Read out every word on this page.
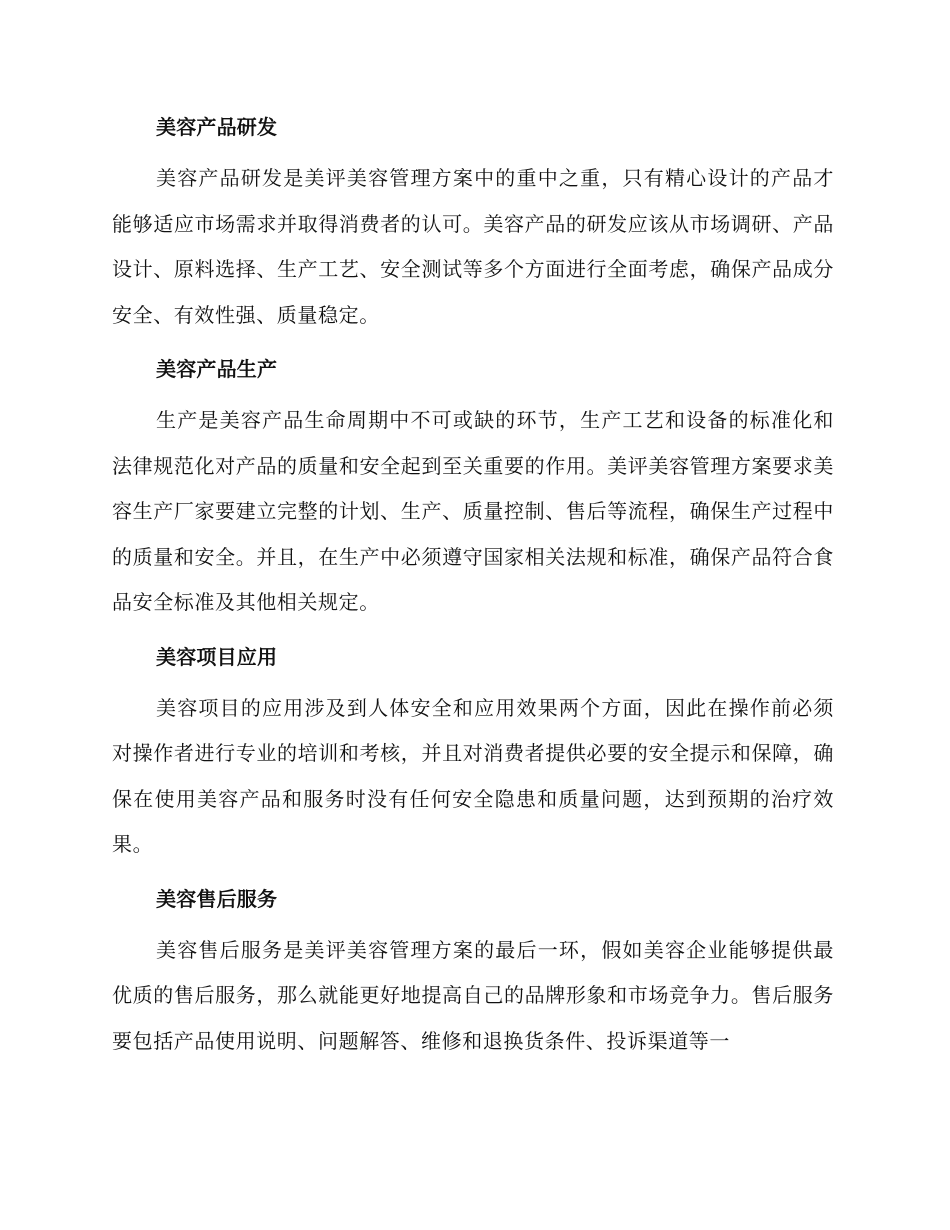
美容产品研发

美容产品研发是美评美容管理方案中的重中之重，只有精心设计的产品才能够适应市场需求并取得消费者的认可。美容产品的研发应该从市场调研、产品设计、原料选择、生产工艺、安全测试等多个方面进行全面考虑，确保产品成分安全、有效性强、质量稳定。

美容产品生产

生产是美容产品生命周期中不可或缺的环节，生产工艺和设备的标准化和法律规范化对产品的质量和安全起到至关重要的作用。美评美容管理方案要求美容生产厂家要建立完整的计划、生产、质量控制、售后等流程，确保生产过程中的质量和安全。并且，在生产中必须遵守国家相关法规和标准，确保产品符合食品安全标准及其他相关规定。

美容项目应用

美容项目的应用涉及到人体安全和应用效果两个方面，因此在操作前必须对操作者进行专业的培训和考核，并且对消费者提供必要的安全提示和保障，确保在使用美容产品和服务时没有任何安全隐患和质量问题，达到预期的治疗效果。

美容售后服务

美容售后服务是美评美容管理方案的最后一环，假如美容企业能够提供最优质的售后服务，那么就能更好地提高自己的品牌形象和市场竞争力。售后服务要包括产品使用说明、问题解答、维修和退换货条件、投诉渠道等一
